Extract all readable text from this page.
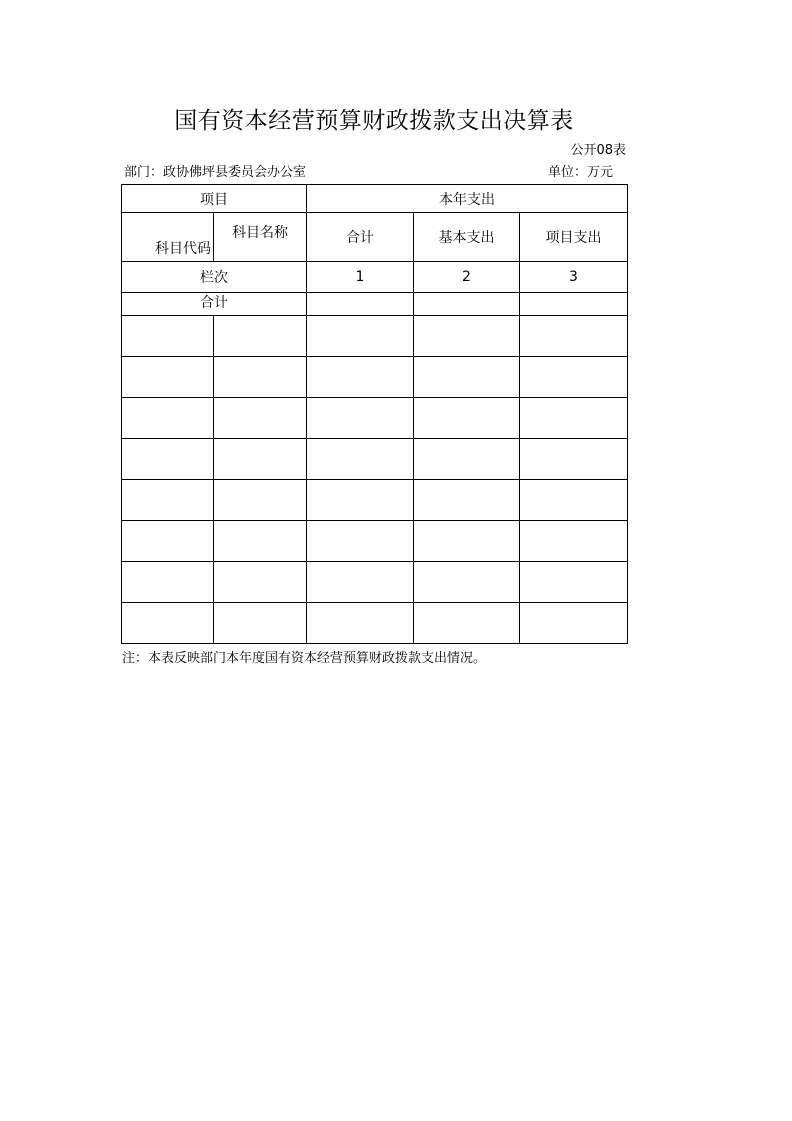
国有资本经营预算财政拨款支出决算表
公开08表
部门：政协佛坪县委员会办公室	单位：万元
项目		本年支出		
科目代码	科目名称	合计	基本支出	项目支出
栏次		1	2	3
合计				

注：本表反映部门本年度国有资本经营预算财政拨款支出情况。
